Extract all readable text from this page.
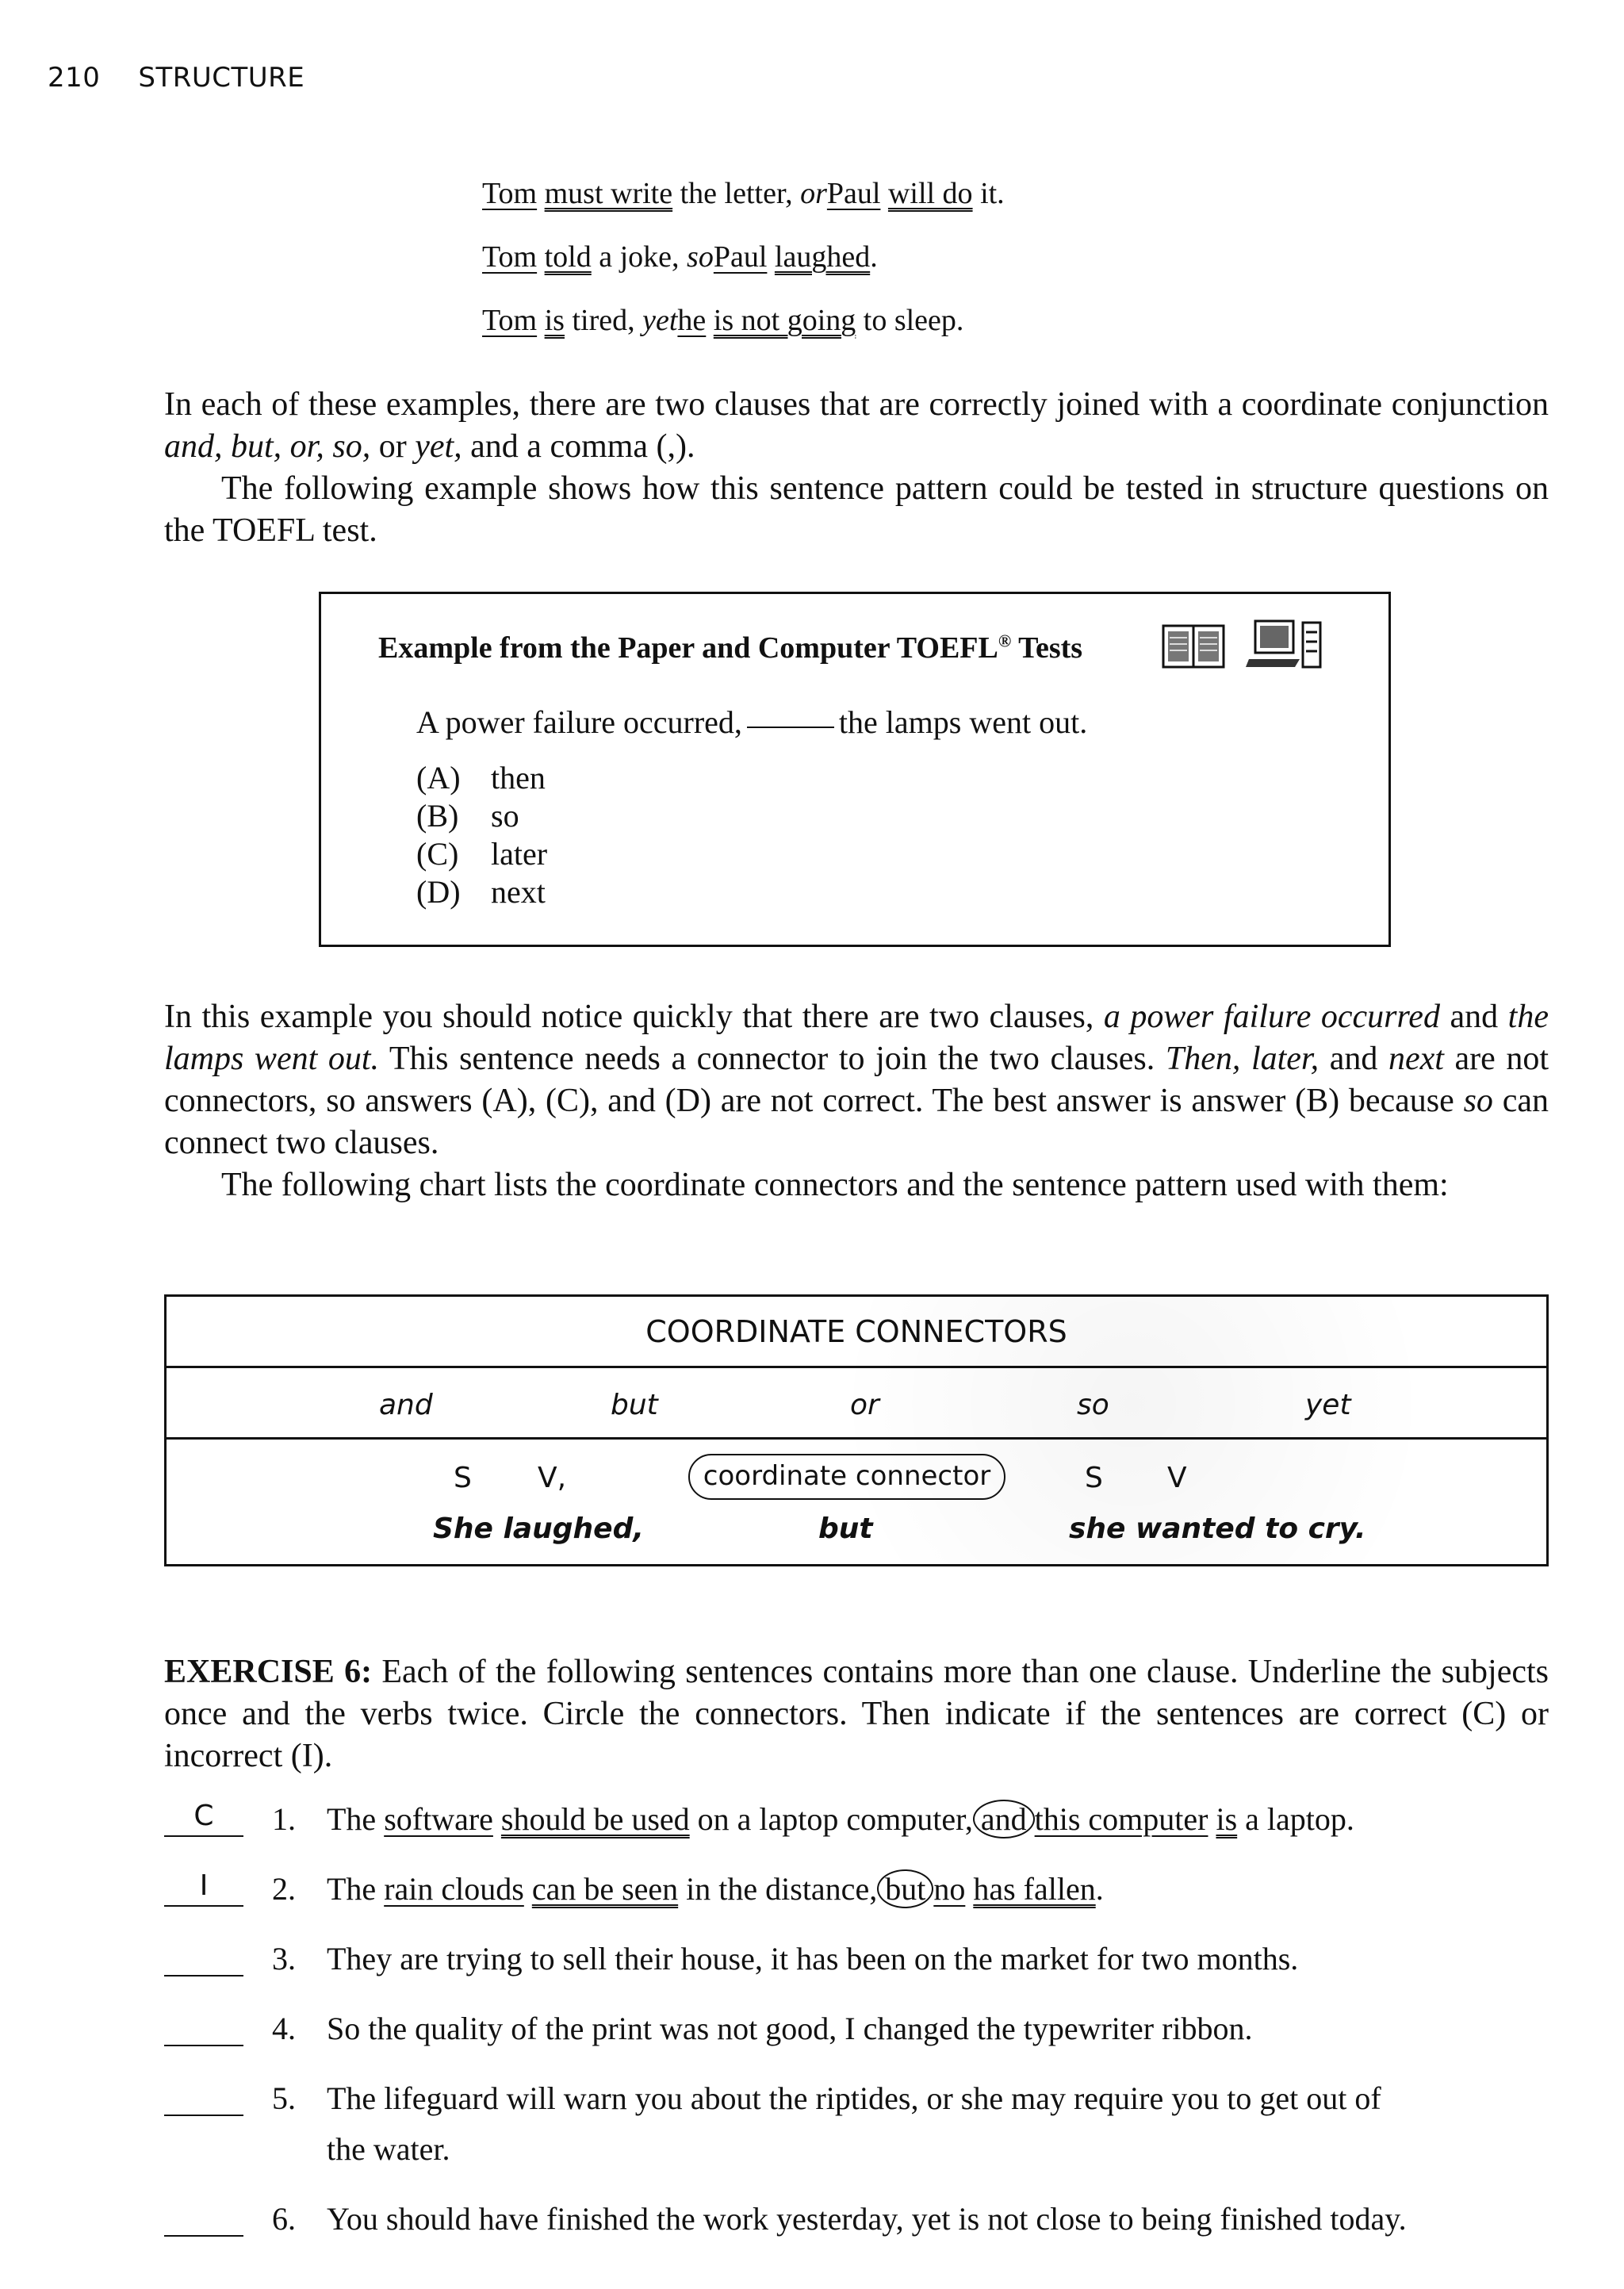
210 STRUCTURE
Tom must write the letter, orPaul will do it.
Tom told a joke, soPaul laughed.
Tom is tired, yethe is not going to sleep.

In each of these examples, there are two clauses that are correctly joined with a coordinate conjunction and, but, or, so, or yet, and a comma (,).

The following example shows how this sentence pattern could be tested in structure questions on the TOEFL test.

Example from the Paper and Computer TOEFL® Tests
A power failure occurred,	the lamps went out.
(A) then
(B) so
(C) later
(D) next

In this example you should notice quickly that there are two clauses, a power failure occurred and the lamps went out. This sentence needs a connector to join the two clauses. Then, later, and next are not connectors, so answers (A), (C), and (D) are not correct. The best answer is answer (B) because so can connect two clauses.

The following chart lists the coordinate connectors and the sentence pattern used with them:

COORDINATE CONNECTORS
and	but	or	so	yet
S V,	coordinate connector	S V
She laughed,	but	she wanted to cry.
EXERCISE 6: Each of the following sentences contains more than one clause. Underline the subjects once and the verbs twice. Circle the connectors. Then indicate if the sentences are correct (C) or incorrect (I).
C	1. The software should be used on a laptop computer, and this computer is a laptop.
I	2. The rain clouds can be seen in the distance, but no has fallen.
3. They are trying to sell their house, it has been on the market for two months.
4. So the quality of the print was not good, I changed the typewriter ribbon.
5. The lifeguard will warn you about the riptides, or she may require you to get out of
the water.
6. You should have finished the work yesterday, yet is not close to being finished today.
